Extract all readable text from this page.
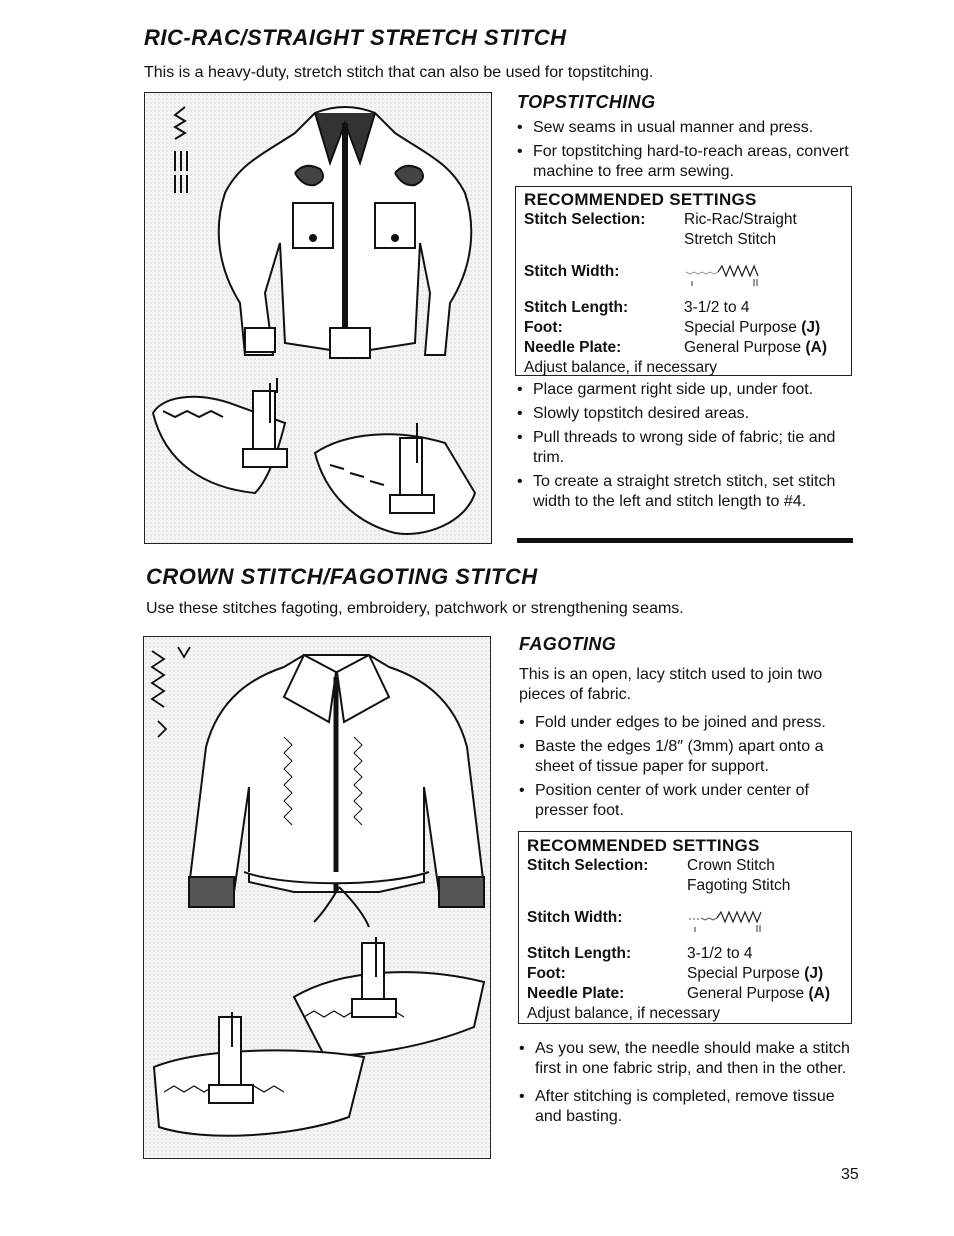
RIC-RAC/STRAIGHT STRETCH STITCH
This is a heavy-duty, stretch stitch that can also be used for topstitching.
TOPSTITCHING
• Sew seams in usual manner and press.
• For topstitching hard-to-reach areas, convert machine to free arm sewing.
RECOMMENDED SETTINGS
Stitch Selection:	Ric-Rac/Straight
Stretch Stitch
Stitch Width:
Stitch Length:	3-1/2 to 4
Foot:	Special Purpose (J)
Needle Plate:	General Purpose (A)
Adjust balance, if necessary
• Place garment right side up, under foot.
• Slowly topstitch desired areas.
• Pull threads to wrong side of fabric; tie and trim.
• To create a straight stretch stitch, set stitch width to the left and stitch length to #4.
CROWN STITCH/FAGOTING STITCH
Use these stitches fagoting, embroidery, patchwork or strengthening seams.
FAGOTING
This is an open, lacy stitch used to join two pieces of fabric.
• Fold under edges to be joined and press.
• Baste the edges 1/8″ (3mm) apart onto a sheet of tissue paper for support.
• Position center of work under center of presser foot.
RECOMMENDED SETTINGS
Stitch Selection:	Crown Stitch
Fagoting Stitch
Stitch Width:
Stitch Length:	3-1/2 to 4
Foot:	Special Purpose (J)
Needle Plate:	General Purpose (A)
Adjust balance, if necessary
• As you sew, the needle should make a stitch first in one fabric strip, and then in the other.
• After stitching is completed, remove tissue and basting.
35
